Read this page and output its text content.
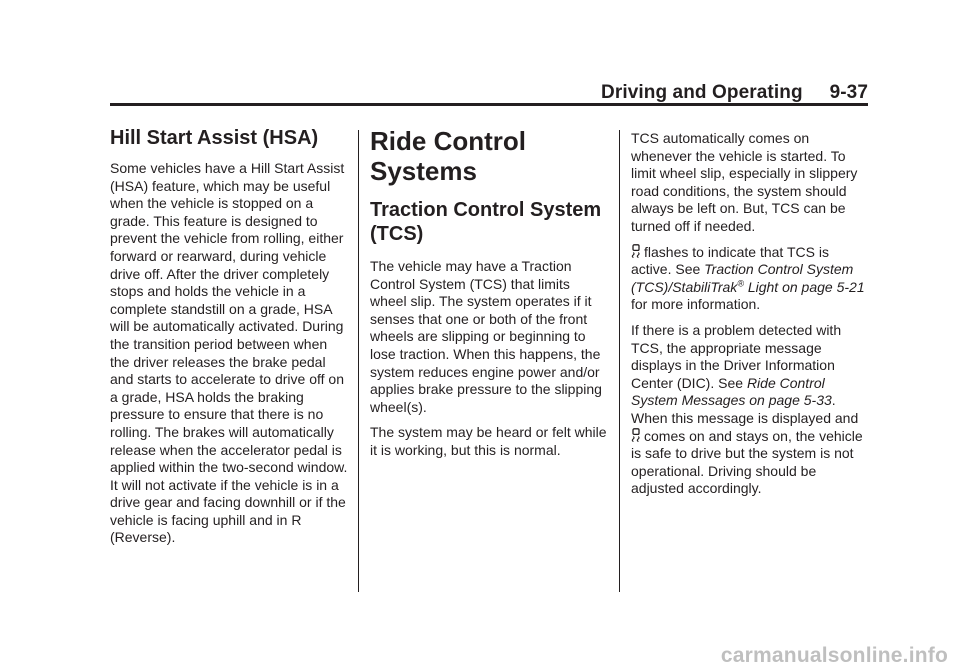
Driving and Operating 9-37
Hill Start Assist (HSA)

Some vehicles have a Hill Start Assist (HSA) feature, which may be useful when the vehicle is stopped on a grade. This feature is designed to prevent the vehicle from rolling, either forward or rearward, during vehicle drive off. After the driver completely stops and holds the vehicle in a complete standstill on a grade, HSA will be automatically activated. During the transition period between when the driver releases the brake pedal and starts to accelerate to drive off on a grade, HSA holds the braking pressure to ensure that there is no rolling. The brakes will automatically release when the accelerator pedal is applied within the two-second window. It will not activate if the vehicle is in a drive gear and facing downhill or if the vehicle is facing uphill and in R (Reverse).

Ride Control Systems
Traction Control System (TCS)

The vehicle may have a Traction Control System (TCS) that limits wheel slip. The system operates if it senses that one or both of the front wheels are slipping or beginning to lose traction. When this happens, the system reduces engine power and/or applies brake pressure to the slipping wheel(s).

The system may be heard or felt while it is working, but this is normal.

TCS automatically comes on whenever the vehicle is started. To limit wheel slip, especially in slippery road conditions, the system should always be left on. But, TCS can be turned off if needed.

flashes to indicate that TCS is active. See Traction Control System (TCS)/StabiliTrak® Light on page 5-21 for more information.

If there is a problem detected with TCS, the appropriate message displays in the Driver Information Center (DIC). See Ride Control System Messages on page 5-33. When this message is displayed and comes on and stays on, the vehicle is safe to drive but the system is not operational. Driving should be adjusted accordingly.

carmanualsonline.info
